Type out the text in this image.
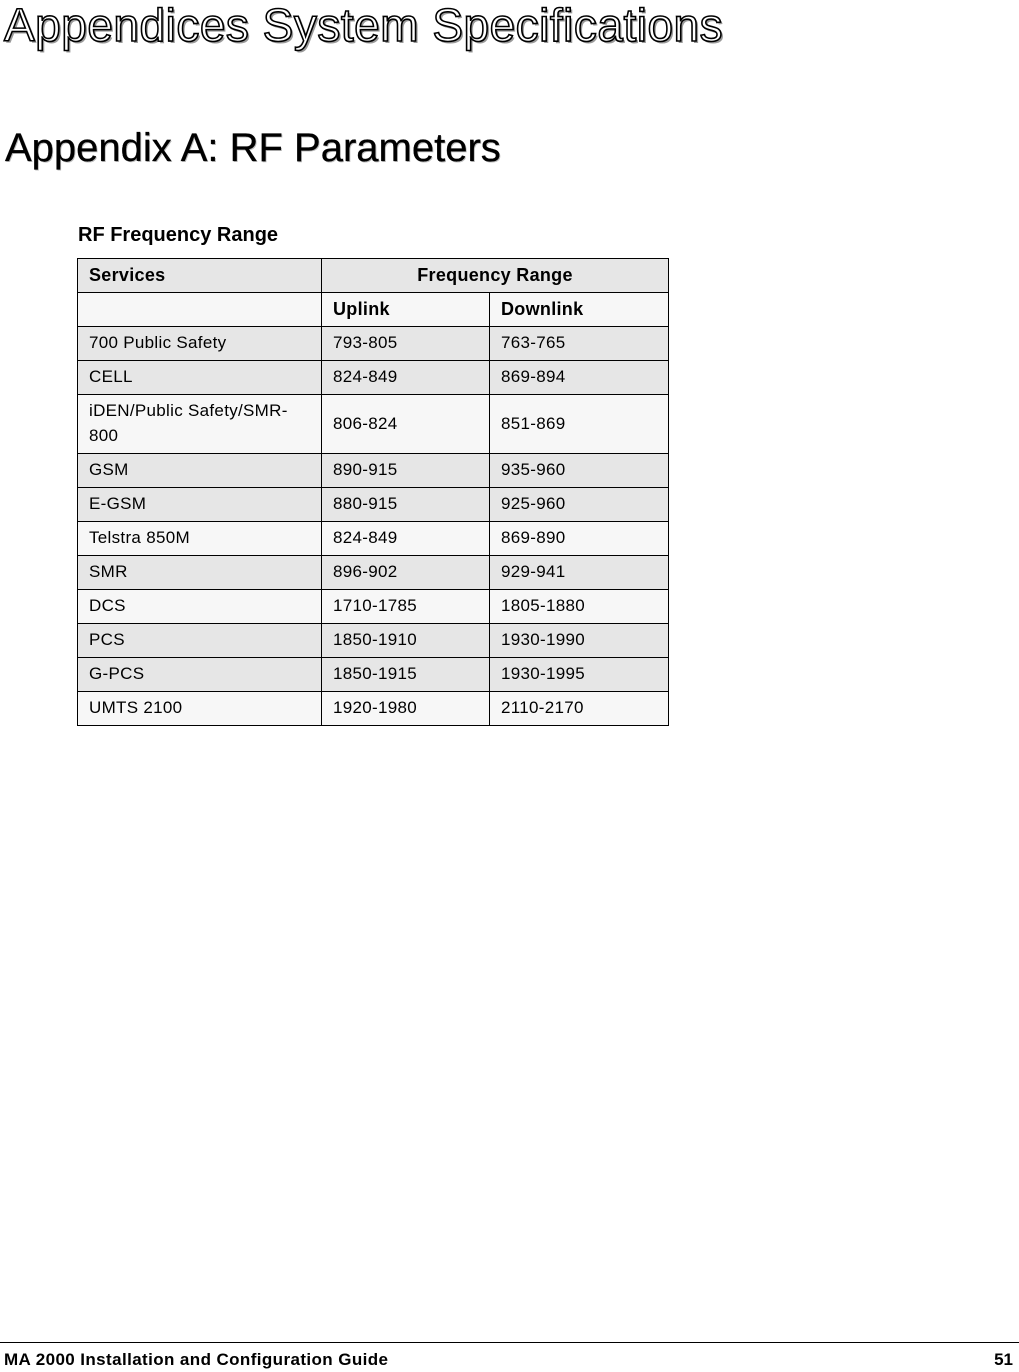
Appendices System Specifications
Appendix A: RF Parameters
RF Frequency Range
Services	Frequency Range	
	Uplink	Downlink
700 Public Safety	793-805	763-765
CELL	824-849	869-894
iDEN/Public Safety/SMR-800	806-824	851-869
GSM	890-915	935-960
E-GSM	880-915	925-960
Telstra 850M	824-849	869-890
SMR	896-902	929-941
DCS	1710-1785	1805-1880
PCS	1850-1910	1930-1990
G-PCS	1850-1915	1930-1995
UMTS 2100	1920-1980	2110-2170
MA 2000 Installation and Configuration Guide	51
